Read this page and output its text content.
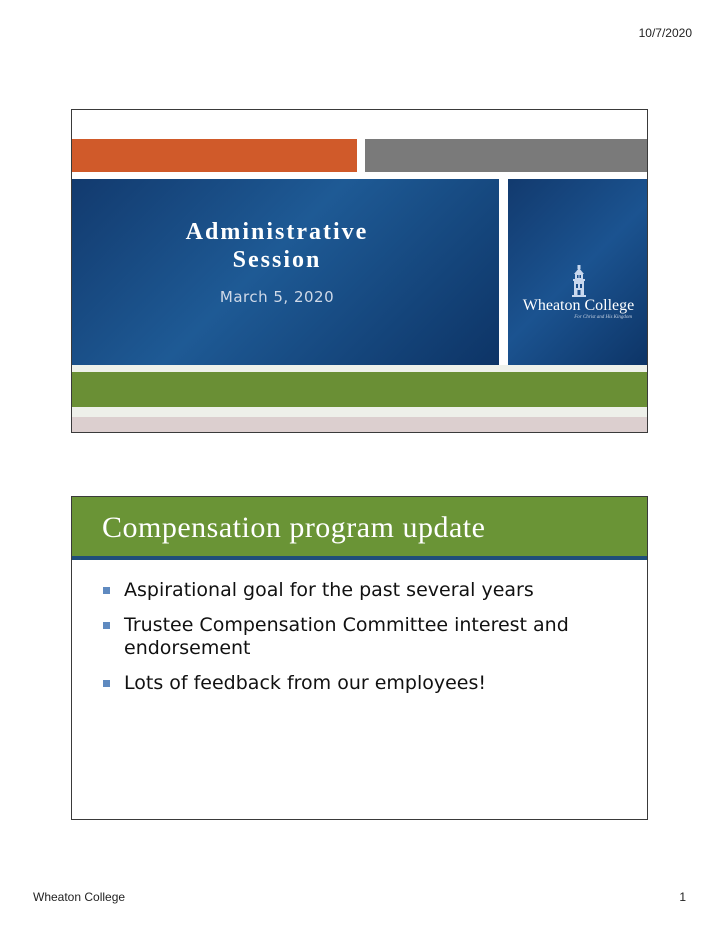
10/7/2020
Administrative
Session
March 5, 2020	Wheaton College
For Christ and His Kingdom
Compensation program update
Aspirational goal for the past several years
Trustee Compensation Committee interest and endorsement
Lots of feedback from our employees!
Wheaton College	1
